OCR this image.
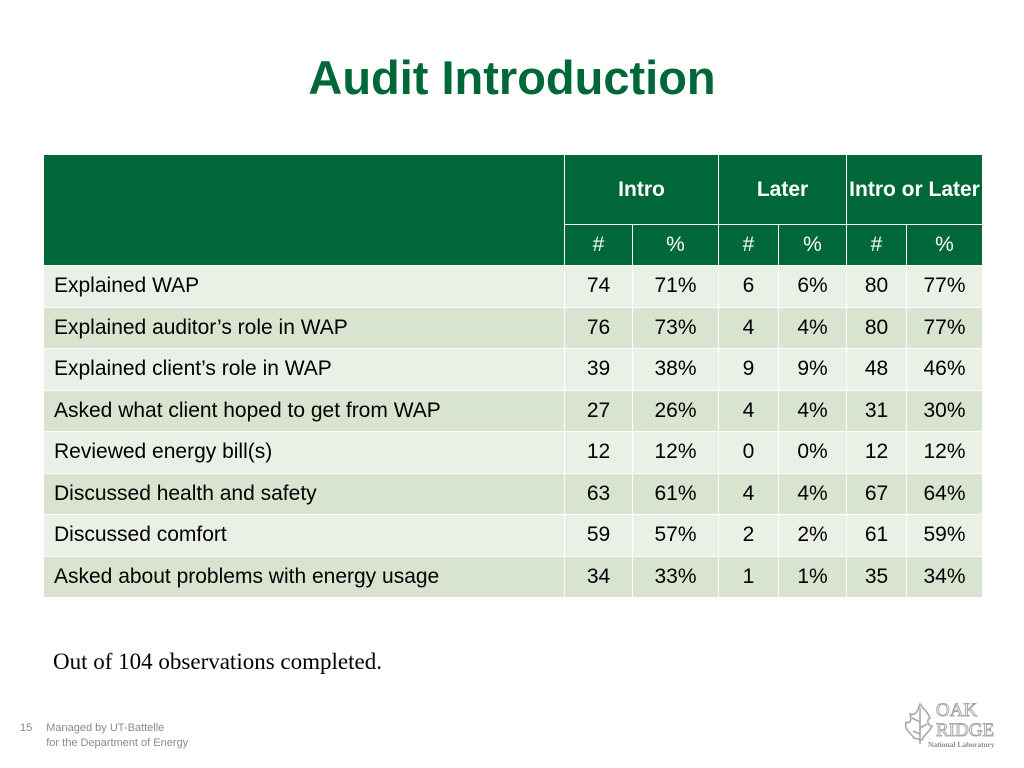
Audit Introduction
	Intro		Later		Intro or Later	
	#	%	#	%	#	%
Explained WAP	74	71%	6	6%	80	77%
Explained auditor’s role in WAP	76	73%	4	4%	80	77%
Explained client’s role in WAP	39	38%	9	9%	48	46%
Asked what client hoped to get from WAP	27	26%	4	4%	31	30%
Reviewed energy bill(s)	12	12%	0	0%	12	12%
Discussed health and safety	63	61%	4	4%	67	64%
Discussed comfort	59	57%	2	2%	61	59%
Asked about problems with energy usage	34	33%	1	1%	35	34%
Out of 104 observations completed.
15 Managed by UT-Battelle
for the Department of Energy
OAK
RIDGE
National Laboratory
